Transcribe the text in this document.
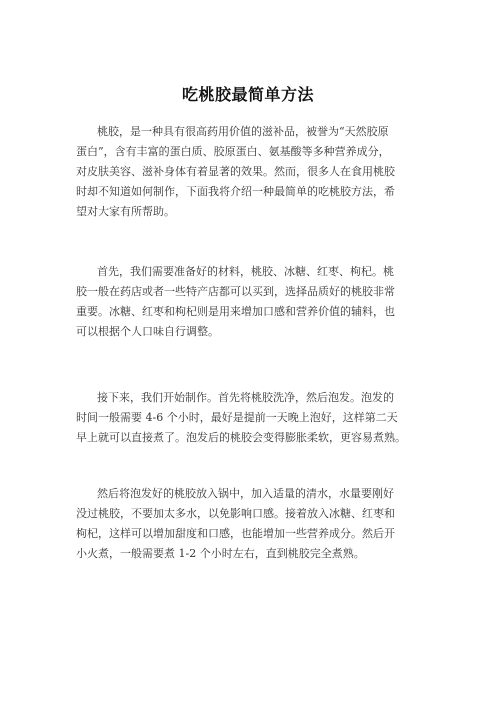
吃桃胶最简单方法
桃胶，是一种具有很高药用价值的滋补品，被誉为“天然胶原
蛋白”，含有丰富的蛋白质、胶原蛋白、氨基酸等多种营养成分，
对皮肤美容、滋补身体有着显著的效果。然而，很多人在食用桃胶
时却不知道如何制作，下面我将介绍一种最简单的吃桃胶方法，希
望对大家有所帮助。
首先，我们需要准备好的材料，桃胶、冰糖、红枣、枸杞。桃
胶一般在药店或者一些特产店都可以买到，选择品质好的桃胶非常
重要。冰糖、红枣和枸杞则是用来增加口感和营养价值的辅料，也
可以根据个人口味自行调整。
接下来，我们开始制作。首先将桃胶洗净，然后泡发。泡发的
时间一般需要 4-6 个小时，最好是提前一天晚上泡好，这样第二天
早上就可以直接煮了。泡发后的桃胶会变得膨胀柔软，更容易煮熟。
然后将泡发好的桃胶放入锅中，加入适量的清水，水量要刚好
没过桃胶，不要加太多水，以免影响口感。接着放入冰糖、红枣和
枸杞，这样可以增加甜度和口感，也能增加一些营养成分。然后开
小火煮，一般需要煮 1-2 个小时左右，直到桃胶完全煮熟。
